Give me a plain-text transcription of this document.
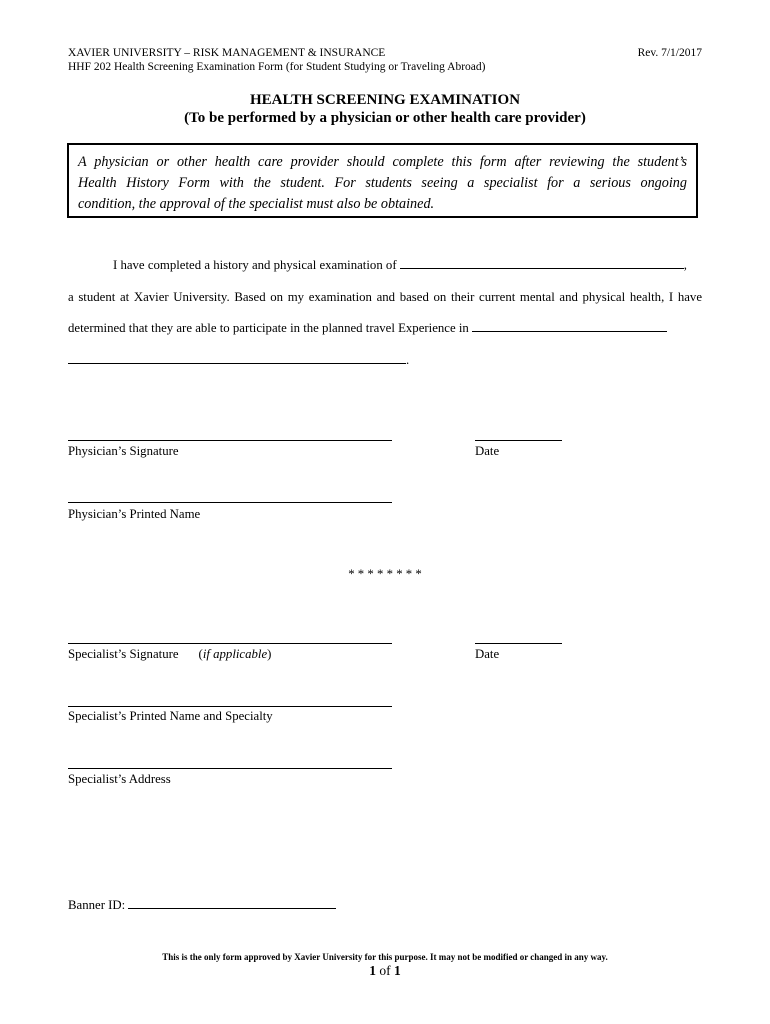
XAVIER UNIVERSITY – RISK MANAGEMENT & INSURANCE
HHF 202 Health Screening Examination Form (for Student Studying or Traveling Abroad)
Rev. 7/1/2017
HEALTH SCREENING EXAMINATION
(To be performed by a physician or other health care provider)

A physician or other health care provider should complete this form after reviewing the student’s

Health History Form with the student. For students seeing a specialist for a serious ongoing

condition, the approval of the specialist must also be obtained.

I have completed a history and physical examination of	,
a student at Xavier University. Based on my examination and based on their current mental and physical health, I have
determined that they are able to participate in the planned travel Experience in
.
Physician’s Signature	Date
Physician’s Printed Name
* * * * * * * *
Specialist’s Signature (if applicable)	Date
Specialist’s Printed Name and Specialty
Specialist’s Address
Banner ID:
This is the only form approved by Xavier University for this purpose. It may not be modified or changed in any way.
1 of 1
